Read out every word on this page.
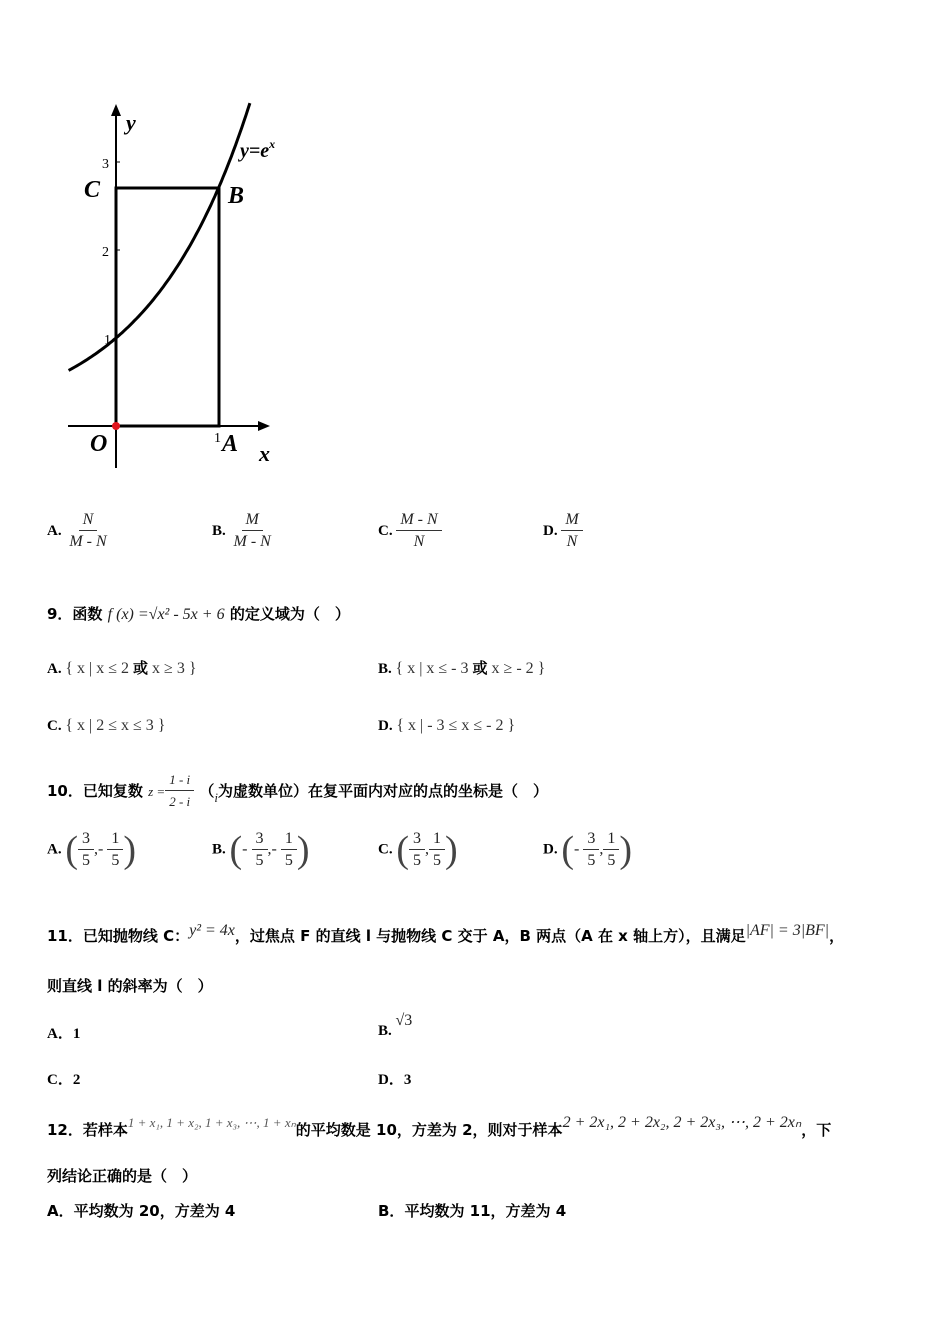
y
$y=e^x$
3
2
1
C	B
O	1 A x
A. $\frac{N}{M - N}$	B. $\frac{M}{M - N}$	C. $\frac{M - N}{N}$	D. $\frac{M}{N}$
9．函数 f (x) =√x² - 5x + 6 的定义域为（　）
A. { x | x ≤ 2 或 x ≥ 3 }	B. { x | x ≤ - 3 或 x ≥ - 2 }
C. { x | 2 ≤ x ≤ 3 }	D. { x | - 3 ≤ x ≤ - 2 }
10．已知复数 $z = \frac{1 - i}{2 - i} (i$为虚数单位）在复平面内对应的点的坐标是（　）
A. ( $\frac{3}{5}$ ,- $\frac{1}{5}$ )	B. (- $\frac{3}{5}$ ,- $\frac{1}{5}$ )	C. ( $\frac{3}{5}$ , $\frac{1}{5}$ )	D. (- $\frac{3}{5}$ , $\frac{1}{5}$ )
11．已知抛物线 C：y² = 4x，过焦点 F 的直线 l 与抛物线 C 交于 A，B 两点（A 在 x 轴上方），且满足|AF| = 3|BF|，
则直线 l 的斜率为（　）
A．1	B. √3
C．2	D．3
12．若样本1 + x₁, 1 + x₂, 1 + x₃, ⋯, 1 + xₙ的平均数是 10，方差为 2，则对于样本2 + 2x₁, 2 + 2x₂, 2 + 2x₃, ⋯, 2 + 2xₙ，下
列结论正确的是（　）
A．平均数为 20，方差为 4	B．平均数为 11，方差为 4
